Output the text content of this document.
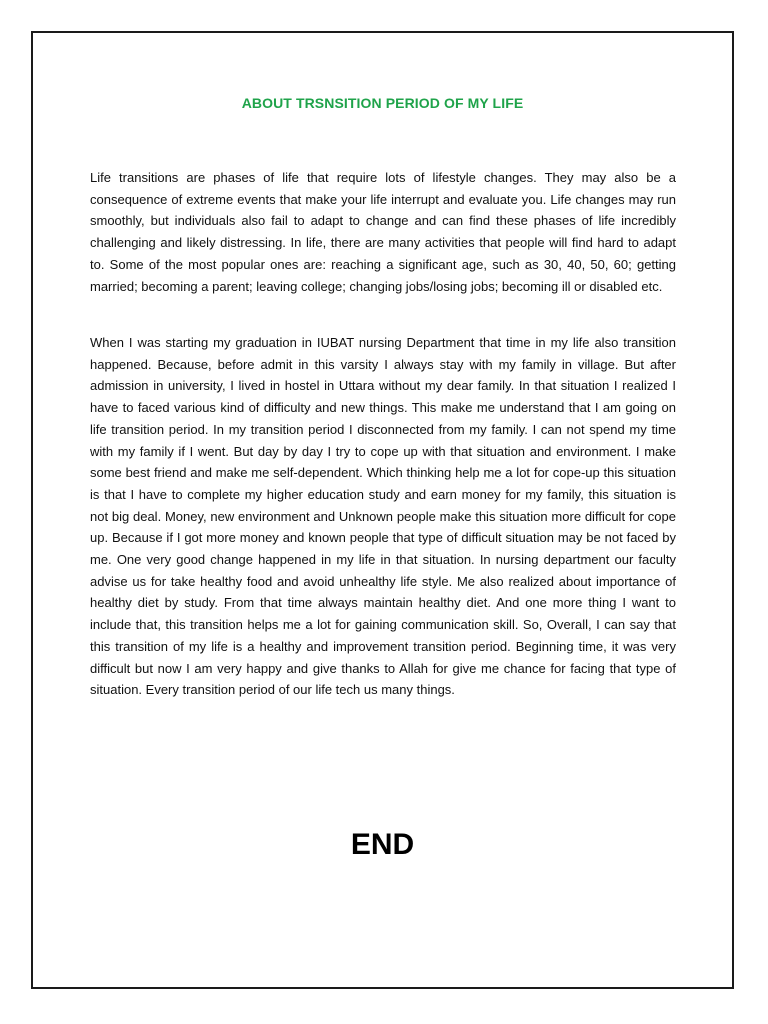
ABOUT TRSNSITION PERIOD OF MY LIFE

Life transitions are phases of life that require lots of lifestyle changes. They may also be a consequence of extreme events that make your life interrupt and evaluate you. Life changes may run smoothly, but individuals also fail to adapt to change and can find these phases of life incredibly challenging and likely distressing. In life, there are many activities that people will find hard to adapt to. Some of the most popular ones are: reaching a significant age, such as 30, 40, 50, 60; getting married; becoming a parent; leaving college; changing jobs/losing jobs; becoming ill or disabled etc.

When I was starting my graduation in IUBAT nursing Department that time in my life also transition happened. Because, before admit in this varsity I always stay with my family in village. But after admission in university, I lived in hostel in Uttara without my dear family. In that situation I realized I have to faced various kind of difficulty and new things. This make me understand that I am going on life transition period. In my transition period I disconnected from my family. I can not spend my time with my family if I went. But day by day I try to cope up with that situation and environment. I make some best friend and make me self-dependent. Which thinking help me a lot for cope-up this situation is that I have to complete my higher education study and earn money for my family, this situation is not big deal. Money, new environment and Unknown people make this situation more difficult for cope up. Because if I got more money and known people that type of difficult situation may be not faced by me. One very good change happened in my life in that situation. In nursing department our faculty advise us for take healthy food and avoid unhealthy life style. Me also realized about importance of healthy diet by study. From that time always maintain healthy diet. And one more thing I want to include that, this transition helps me a lot for gaining communication skill. So, Overall, I can say that this transition of my life is a healthy and improvement transition period. Beginning time, it was very difficult but now I am very happy and give thanks to Allah for give me chance for facing that type of situation. Every transition period of our life tech us many things.

END
